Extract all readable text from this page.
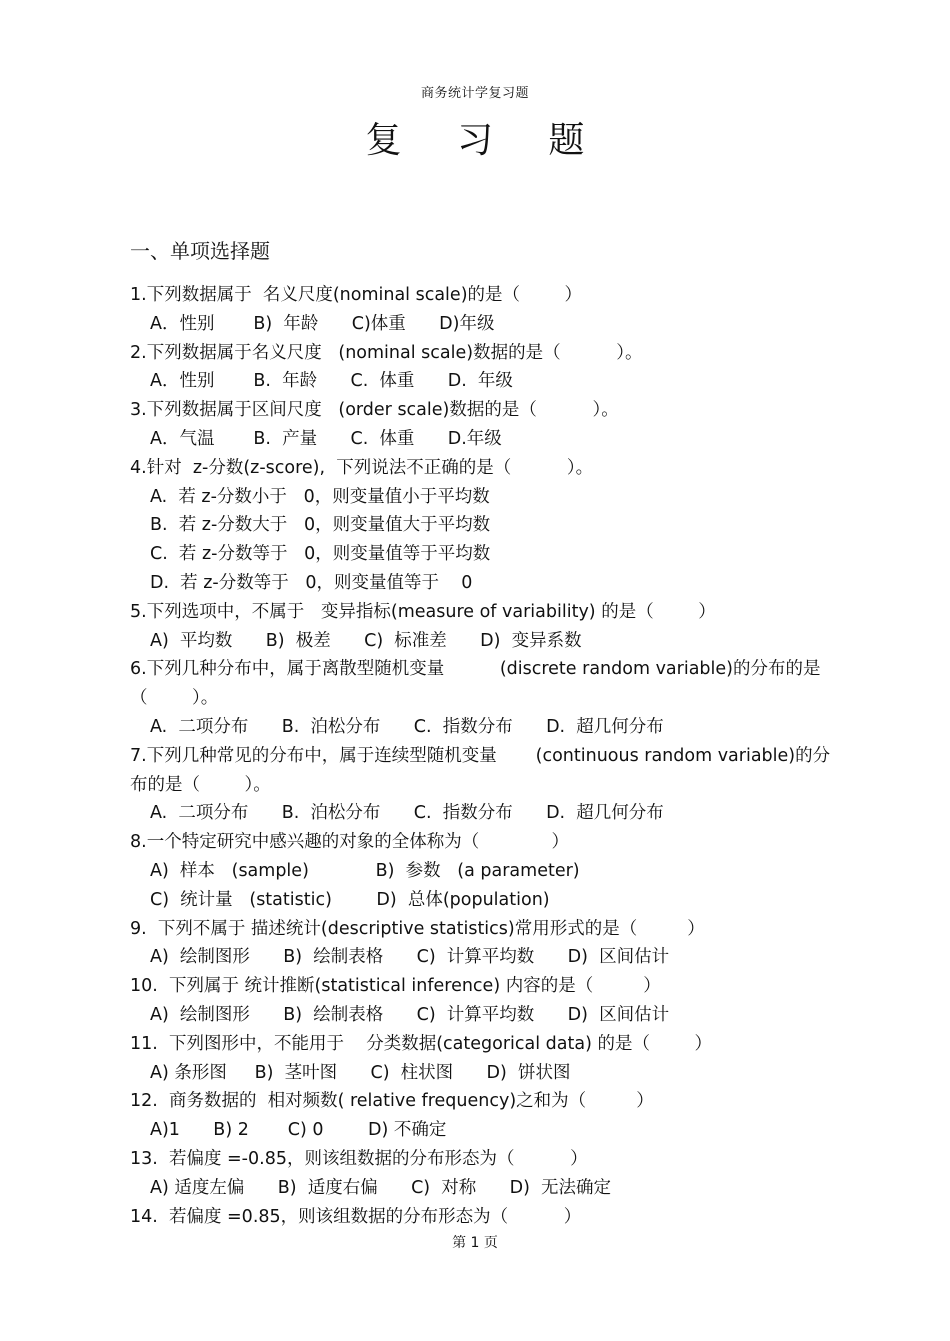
商务统计学复习题
复 习 题
一、单项选择题
1.下列数据属于  名义尺度(nominal scale)的是（        ）
A．性别       B)  年龄      C)体重      D)年级
2.下列数据属于名义尺度   (nominal scale)数据的是（          ）。
A．性别       B.  年龄      C.  体重      D.  年级
3.下列数据属于区间尺度   (order scale)数据的是（          ）。
A．气温       B.  产量      C.  体重      D.年级
4.针对  z-分数(z-score),  下列说法不正确的是（          ）。
A.  若 z-分数小于   0，则变量值小于平均数
B.  若 z-分数大于   0，则变量值大于平均数
C.  若 z-分数等于   0，则变量值等于平均数
D.  若 z-分数等于   0，则变量值等于    0
5.下列选项中，不属于   变异指标(measure of variability) 的是（        ）
A)  平均数      B)  极差      C)  标准差      D)  变异系数
6.下列几种分布中，属于离散型随机变量          (discrete random variable)的分布的是
（        ）。
A.  二项分布      B.  泊松分布      C.  指数分布      D.  超几何分布
7.下列几种常见的分布中，属于连续型随机变量       (continuous random variable)的分
布的是（        ）。
A.  二项分布      B.  泊松分布      C.  指数分布      D.  超几何分布
8.一个特定研究中感兴趣的对象的全体称为（             ）
A)  样本   (sample)            B)  参数   (a parameter)
C)  统计量   (statistic)        D)  总体(population)
9.  下列不属于 描述统计(descriptive statistics)常用形式的是（         ）
A)  绘制图形      B)  绘制表格      C)  计算平均数      D)  区间估计
10.  下列属于 统计推断(statistical inference) 内容的是（         ）
A)  绘制图形      B)  绘制表格      C)  计算平均数      D)  区间估计
11.  下列图形中，不能用于    分类数据(categorical data) 的是（        ）
A) 条形图     B)  茎叶图      C)  柱状图      D)  饼状图
12.  商务数据的  相对频数( relative frequency)之和为（         ）
A)1      B) 2       C) 0        D) 不确定
13.  若偏度 =-0.85，则该组数据的分布形态为（          ）
A) 适度左偏      B)  适度右偏      C)  对称      D)  无法确定
14.  若偏度 =0.85，则该组数据的分布形态为（          ）
第 1 页
